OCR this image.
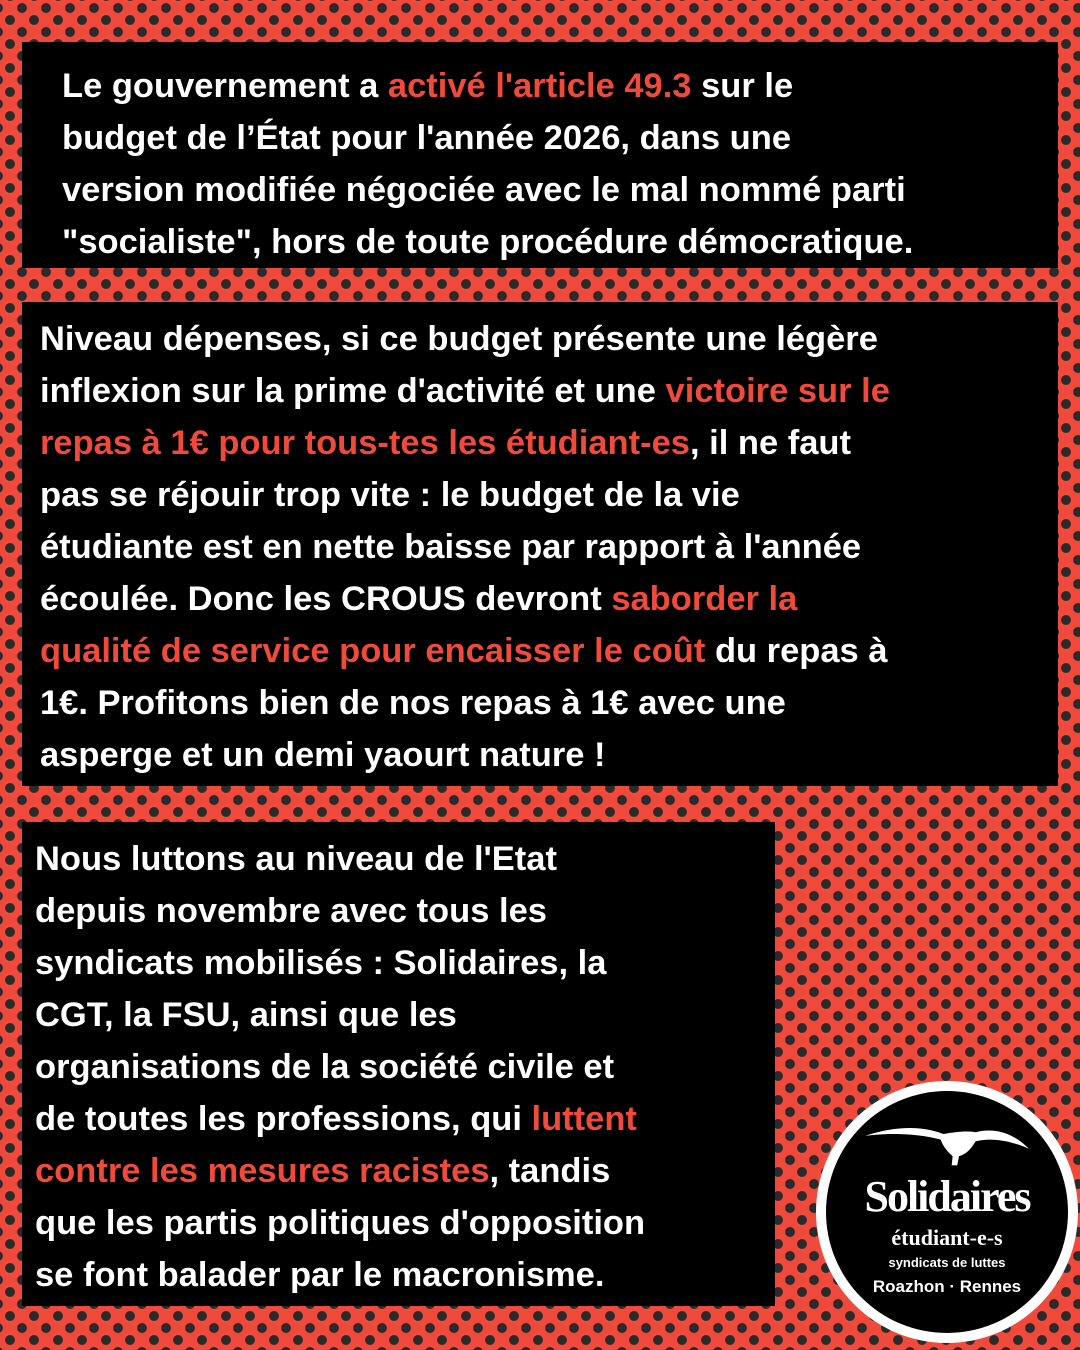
Le gouvernement a activé l'article 49.3 sur le
budget de l’État pour l'année 2026, dans une
version modifiée négociée avec le mal nommé parti
"socialiste", hors de toute procédure démocratique.
Niveau dépenses, si ce budget présente une légère
inflexion sur la prime d'activité et une victoire sur le
repas à 1€ pour tous-tes les étudiant-es, il ne faut
pas se réjouir trop vite : le budget de la vie
étudiante est en nette baisse par rapport à l'année
écoulée. Donc les CROUS devront saborder la
qualité de service pour encaisser le coût du repas à
1€. Profitons bien de nos repas à 1€ avec une
asperge et un demi yaourt nature !
Nous luttons au niveau de l'Etat
depuis novembre avec tous les
syndicats mobilisés : Solidaires, la
CGT, la FSU, ainsi que les
organisations de la société civile et
de toutes les professions, qui luttent
contre les mesures racistes, tandis
que les partis politiques d'opposition
se font balader par le macronisme.
Solidaires
étudiant-e-s
syndicats de luttes
Roazhon · Rennes
